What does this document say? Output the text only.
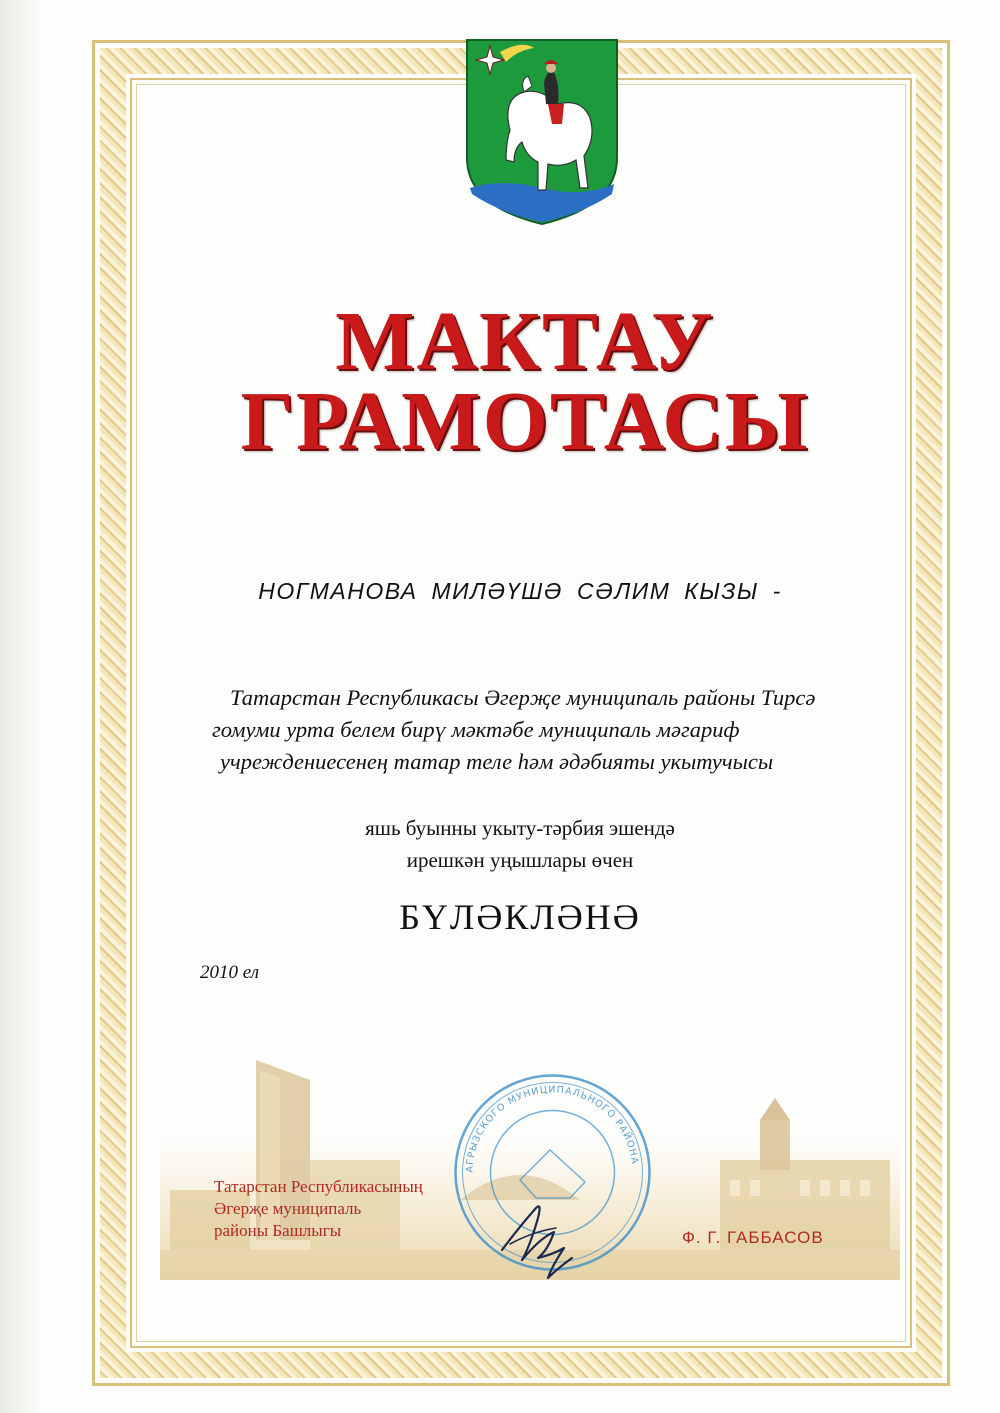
МАКТАУ
ГРАМОТАСЫ

НОГМАНОВА МИЛӘҮШӘ СӘЛИМ КЫЗЫ -

Татарстан Республикасы Әгерҗе муниципаль районы Тирсә
гомуми урта белем бирү мәктәбе муниципаль мәгариф
учреждениесенең татар теле һәм әдәбияты укытучысы

яшь буынны укыту-тәрбия эшендә
ирешкән уңышлары өчен

БҮЛӘКЛӘНӘ

2010 ел

Татарстан Республикасының
Әгерҗе муниципаль
районы Башлыгы	Ф. Г. ГАББАСОВ

АГРЫЗСКОГО МУНИЦИПАЛЬНОГО РАЙОНА
